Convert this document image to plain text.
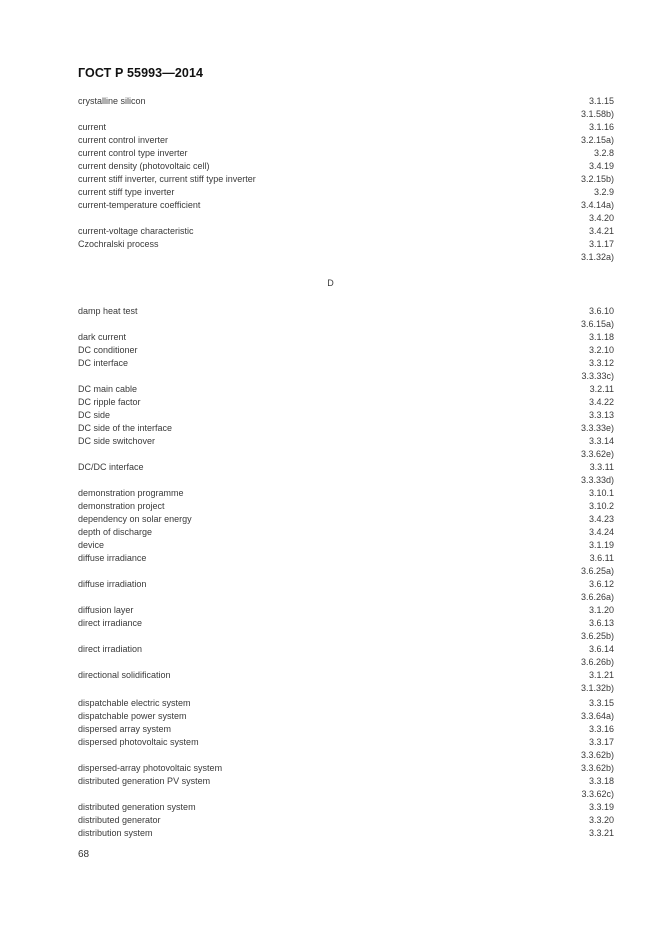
ГОСТ Р 55993—2014
crystalline silicon	3.1.15
3.1.58b)
current	3.1.16
current control inverter	3.2.15a)
current control type inverter	3.2.8
current density (photovoltaic cell)	3.4.19
current stiff inverter, current stiff type inverter	3.2.15b)
current stiff type inverter	3.2.9
current-temperature coefficient	3.4.14a)
3.4.20
current-voltage characteristic	3.4.21
Czochralski process	3.1.17
3.1.32a)
D
damp heat test	3.6.10
3.6.15a)
dark current	3.1.18
DC conditioner	3.2.10
DC interface	3.3.12
3.3.33c)
DC main cable	3.2.11
DC ripple factor	3.4.22
DC side	3.3.13
DC side of the interface	3.3.33e)
DC side switchover	3.3.14
3.3.62e)
DC/DC interface	3.3.11
3.3.33d)
demonstration programme	3.10.1
demonstration project	3.10.2
dependency on solar energy	3.4.23
depth of discharge	3.4.24
device	3.1.19
diffuse irradiance	3.6.11
3.6.25a)
diffuse irradiation	3.6.12
3.6.26a)
diffusion layer	3.1.20
direct irradiance	3.6.13
3.6.25b)
direct irradiation	3.6.14
3.6.26b)
directional solidification	3.1.21
3.1.32b)
dispatchable electric system	3.3.15
dispatchable power system	3.3.64a)
dispersed array system	3.3.16
dispersed photovoltaic system	3.3.17
3.3.62b)
dispersed-array photovoltaic system	3.3.62b)
distributed generation PV system	3.3.18
3.3.62c)
distributed generation system	3.3.19
distributed generator	3.3.20
distribution system	3.3.21
68
